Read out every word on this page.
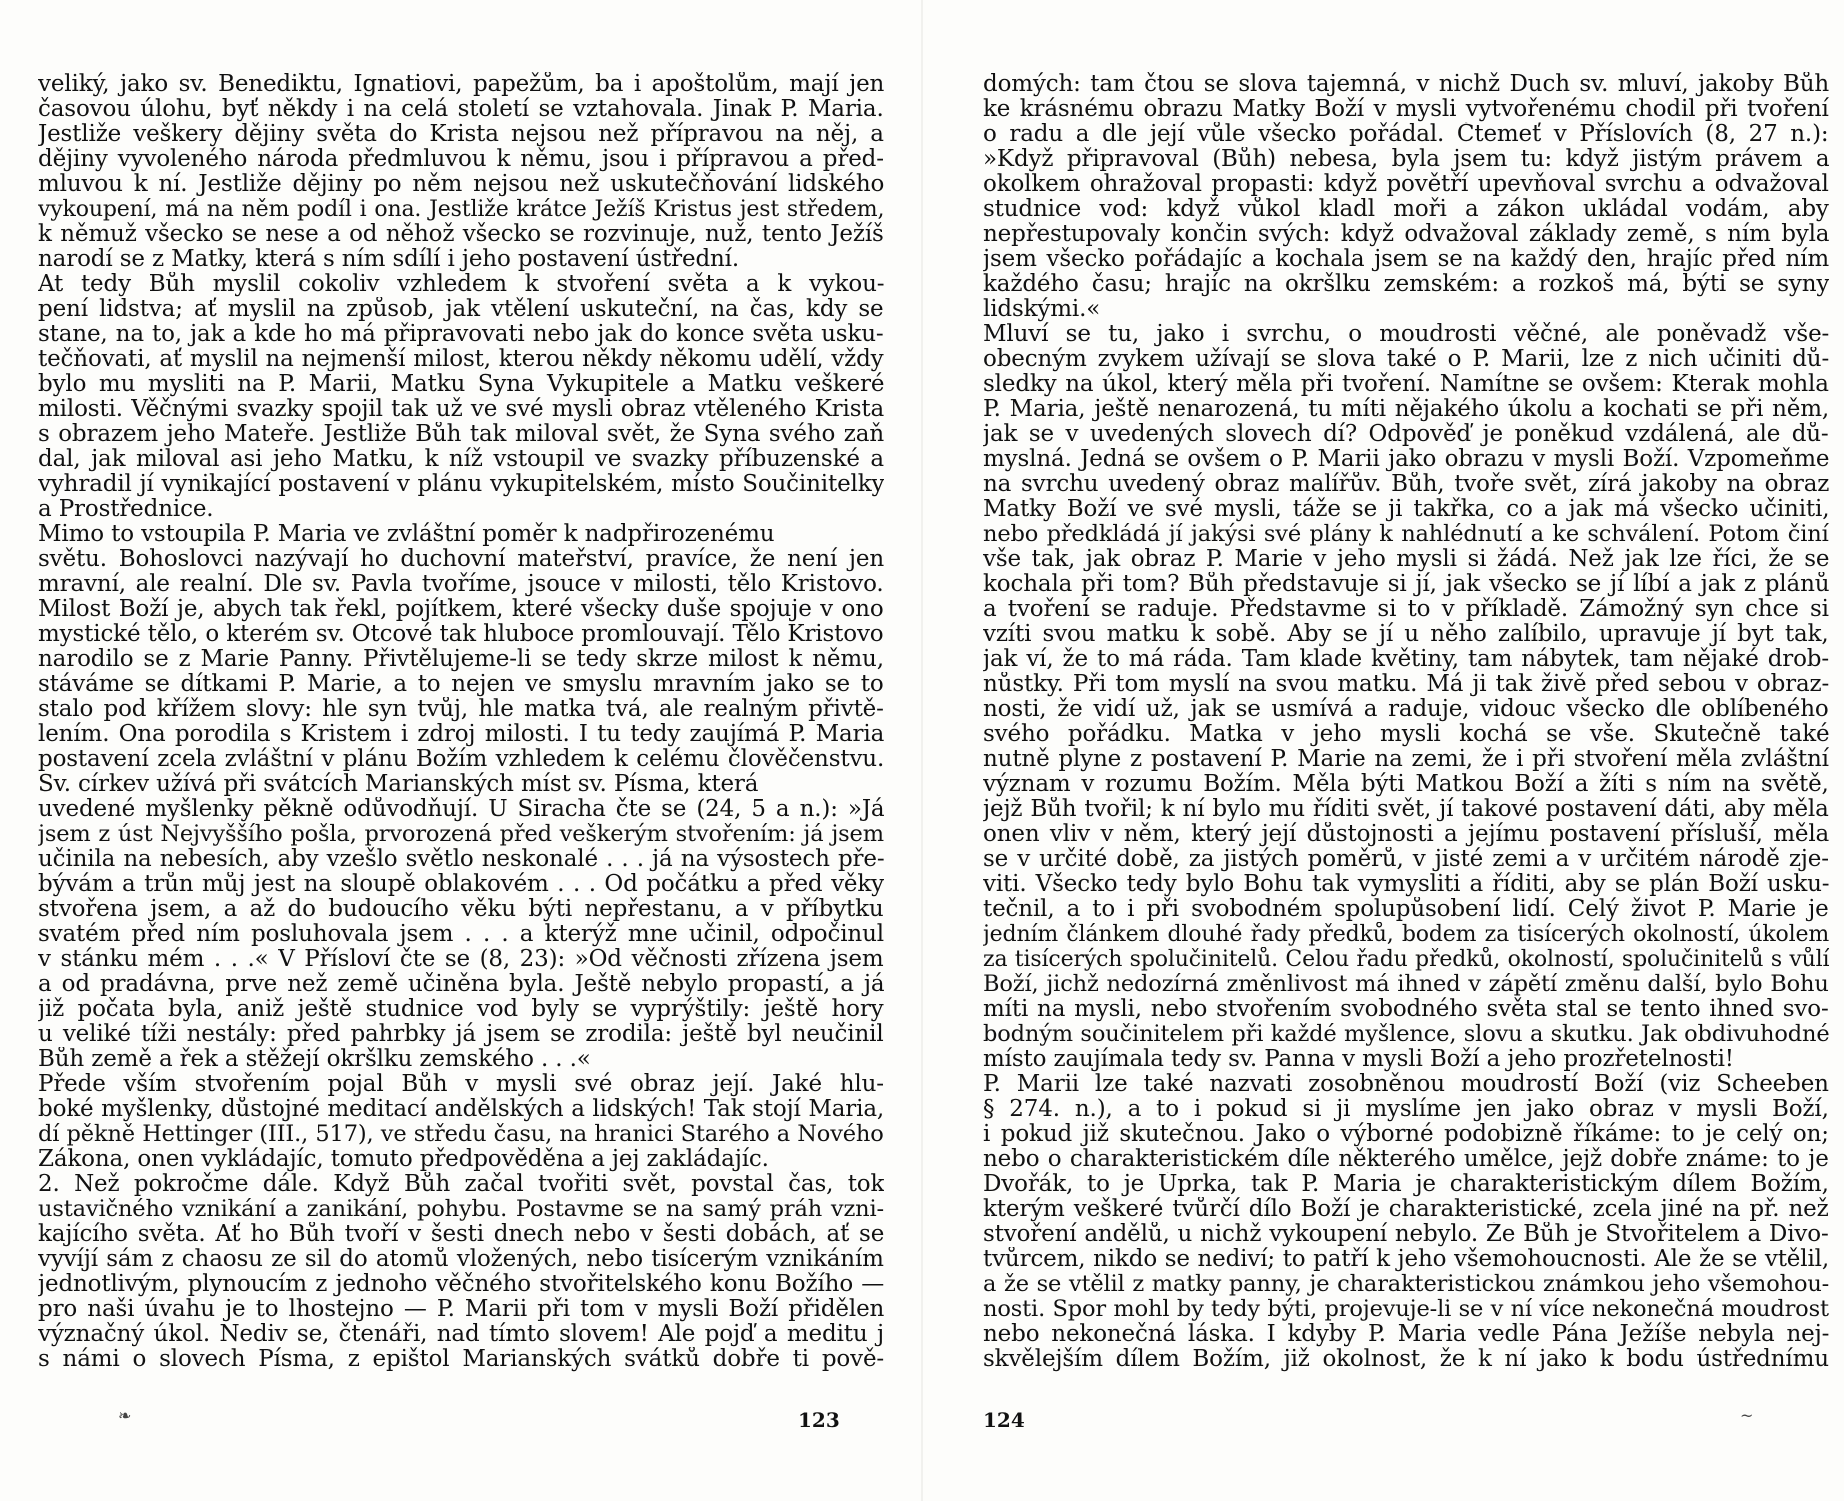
veliký, jako sv. Benediktu, Ignatiovi, papežům, ba i apoštolům, mají jen
časovou úlohu, byť někdy i na celá století se vztahovala. Jinak P. Maria.
Jestliže veškery dějiny světa do Krista nejsou než přípravou na něj, a
dějiny vyvoleného národa předmluvou k němu, jsou i přípravou a před-
mluvou k ní. Jestliže dějiny po něm nejsou než uskutečňování lidského
vykoupení, má na něm podíl i ona. Jestliže krátce Ježíš Kristus jest středem,
k němuž všecko se nese a od něhož všecko se rozvinuje, nuž, tento Ježíš
narodí se z Matky, která s ním sdílí i jeho postavení ústřední.
At tedy Bůh myslil cokoliv vzhledem k stvoření světa a k vykou-
pení lidstva; ať myslil na způsob, jak vtělení uskuteční, na čas, kdy se
stane, na to, jak a kde ho má připravovati nebo jak do konce světa usku-
tečňovati, ať myslil na nejmenší milost, kterou někdy někomu udělí, vždy
bylo mu mysliti na P. Marii, Matku Syna Vykupitele a Matku veškeré
milosti. Věčnými svazky spojil tak už ve své mysli obraz vtěleného Krista
s obrazem jeho Mateře. Jestliže Bůh tak miloval svět, že Syna svého zaň
dal, jak miloval asi jeho Matku, k níž vstoupil ve svazky příbuzenské a
vyhradil jí vynikající postavení v plánu vykupitelském, místo Součinitelky
a Prostřednice.
Mimo to vstoupila P. Maria ve zvláštní poměr k nadpřirozenému
světu. Bohoslovci nazývají ho duchovní mateřství, pravíce, že není jen
mravní, ale realní. Dle sv. Pavla tvoříme, jsouce v milosti, tělo Kristovo.
Milost Boží je, abych tak řekl, pojítkem, které všecky duše spojuje v ono
mystické tělo, o kterém sv. Otcové tak hluboce promlouvají. Tělo Kristovo
narodilo se z Marie Panny. Přivtělujeme-li se tedy skrze milost k němu,
stáváme se dítkami P. Marie, a to nejen ve smyslu mravním jako se to
stalo pod křížem slovy: hle syn tvůj, hle matka tvá, ale realným přivtě-
lením. Ona porodila s Kristem i zdroj milosti. I tu tedy zaujímá P. Maria
postavení zcela zvláštní v plánu Božím vzhledem k celému člověčenstvu.
Sv. církev užívá při svátcích Marianských míst sv. Písma, která
uvedené myšlenky pěkně odůvodňují. U Siracha čte se (24, 5 a n.): »Já
jsem z úst Nejvyššího pošla, prvorozená před veškerým stvořením: já jsem
učinila na nebesích, aby vzešlo světlo neskonalé . . . já na výsostech pře-
bývám a trůn můj jest na sloupě oblakovém . . . Od počátku a před věky
stvořena jsem, a až do budoucího věku býti nepřestanu, a v příbytku
svatém před ním posluhovala jsem . . . a kterýž mne učinil, odpočinul
v stánku mém . . .« V Přísloví čte se (8, 23): »Od věčnosti zřízena jsem
a od pradávna, prve než země učiněna byla. Ještě nebylo propastí, a já
již počata byla, aniž ještě studnice vod byly se vyprýštily: ještě hory
u veliké tíži nestály: před pahrbky já jsem se zrodila: ještě byl neučinil
Bůh země a řek a stěžejí okršlku zemského . . .«
Přede vším stvořením pojal Bůh v mysli své obraz její. Jaké hlu-
boké myšlenky, důstojné meditací andělských a lidských! Tak stojí Maria,
dí pěkně Hettinger (III., 517), ve středu času, na hranici Starého a Nového
Zákona, onen vykládajíc, tomuto předpověděna a jej zakládajíc.
2. Než pokročme dále. Když Bůh začal tvořiti svět, povstal čas, tok
ustavičného vznikání a zanikání, pohybu. Postavme se na samý práh vzni-
kajícího světa. Ať ho Bůh tvoří v šesti dnech nebo v šesti dobách, ať se
vyvíjí sám z chaosu ze sil do atomů vložených, nebo tisícerým vznikáním
jednotlivým, plynoucím z jednoho věčného stvořitelského konu Božího —
pro naši úvahu je to lhostejno — P. Marii při tom v mysli Boží přidělen
význačný úkol. Nediv se, čtenáři, nad tímto slovem! Ale pojď a meditu j
s námi o slovech Písma, z epištol Marianských svátků dobře ti pově-
❧	123
domých: tam čtou se slova tajemná, v nichž Duch sv. mluví, jakoby Bůh
ke krásnému obrazu Matky Boží v mysli vytvořenému chodil při tvoření
o radu a dle její vůle všecko pořádal. Čtemeť v Příslovích (8, 27 n.):
»Když připravoval (Bůh) nebesa, byla jsem tu: když jistým právem a
okolkem ohražoval propasti: když povětří upevňoval svrchu a odvažoval
studnice vod: když vůkol kladl moři a zákon ukládal vodám, aby
nepřestupovaly končin svých: když odvažoval základy země, s ním byla
jsem všecko pořádajíc a kochala jsem se na každý den, hrajíc před ním
každého času; hrajíc na okršlku zemském: a rozkoš má, býti se syny
lidskými.«
Mluví se tu, jako i svrchu, o moudrosti věčné, ale poněvadž vše-
obecným zvykem užívají se slova také o P. Marii, lze z nich učiniti dů-
sledky na úkol, který měla při tvoření. Namítne se ovšem: Kterak mohla
P. Maria, ještě nenarozená, tu míti nějakého úkolu a kochati se při něm,
jak se v uvedených slovech dí? Odpověď je poněkud vzdálená, ale dů-
myslná. Jedná se ovšem o P. Marii jako obrazu v mysli Boží. Vzpomeňme
na svrchu uvedený obraz malířův. Bůh, tvoře svět, zírá jakoby na obraz
Matky Boží ve své mysli, táže se ji takřka, co a jak má všecko učiniti,
nebo předkládá jí jakýsi své plány k nahlédnutí a ke schválení. Potom činí
vše tak, jak obraz P. Marie v jeho mysli si žádá. Než jak lze říci, že se
kochala při tom? Bůh představuje si jí, jak všecko se jí líbí a jak z plánů
a tvoření se raduje. Představme si to v příkladě. Zámožný syn chce si
vzíti svou matku k sobě. Aby se jí u něho zalíbilo, upravuje jí byt tak,
jak ví, že to má ráda. Tam klade květiny, tam nábytek, tam nějaké drob-
nůstky. Při tom myslí na svou matku. Má ji tak živě před sebou v obraz-
nosti, že vidí už, jak se usmívá a raduje, vidouc všecko dle oblíbeného
svého pořádku. Matka v jeho mysli kochá se vše. Skutečně také
nutně plyne z postavení P. Marie na zemi, že i při stvoření měla zvláštní
význam v rozumu Božím. Měla býti Matkou Boží a žíti s ním na světě,
jejž Bůh tvořil; k ní bylo mu říditi svět, jí takové postavení dáti, aby měla
onen vliv v něm, který její důstojnosti a jejímu postavení přísluší, měla
se v určité době, za jistých poměrů, v jisté zemi a v určitém národě zje-
viti. Všecko tedy bylo Bohu tak vymysliti a říditi, aby se plán Boží usku-
tečnil, a to i při svobodném spolupůsobení lidí. Celý život P. Marie je
jedním článkem dlouhé řady předků, bodem za tisícerých okolností, úkolem
za tisícerých spolučinitelů. Celou řadu předků, okolností, spolučinitelů s vůlí
Boží, jichž nedozírná změnlivost má ihned v zápětí změnu další, bylo Bohu
míti na mysli, nebo stvořením svobodného světa stal se tento ihned svo-
bodným součinitelem při každé myšlence, slovu a skutku. Jak obdivuhodné
místo zaujímala tedy sv. Panna v mysli Boží a jeho prozřetelnosti!
P. Marii lze také nazvati zosobněnou moudrostí Boží (viz Scheeben
§ 274. n.), a to i pokud si ji myslíme jen jako obraz v mysli Boží,
i pokud již skutečnou. Jako o výborné podobizně říkáme: to je celý on;
nebo o charakteristickém díle některého umělce, jejž dobře známe: to je
Dvořák, to je Úprka, tak P. Maria je charakteristickým dílem Božím,
kterým veškeré tvůrčí dílo Boží je charakteristické, zcela jiné na př. než
stvoření andělů, u nichž vykoupení nebylo. Že Bůh je Stvořitelem a Divo-
tvůrcem, nikdo se nediví; to patří k jeho všemohoucnosti. Ale že se vtělil,
a že se vtělil z matky panny, je charakteristickou známkou jeho všemohou-
nosti. Spor mohl by tedy býti, projevuje-li se v ní více nekonečná moudrost
nebo nekonečná láska. I kdyby P. Maria vedle Pána Ježíše nebyla nej-
skvělejším dílem Božím, již okolnost, že k ní jako k bodu ústřednímu
124	~
